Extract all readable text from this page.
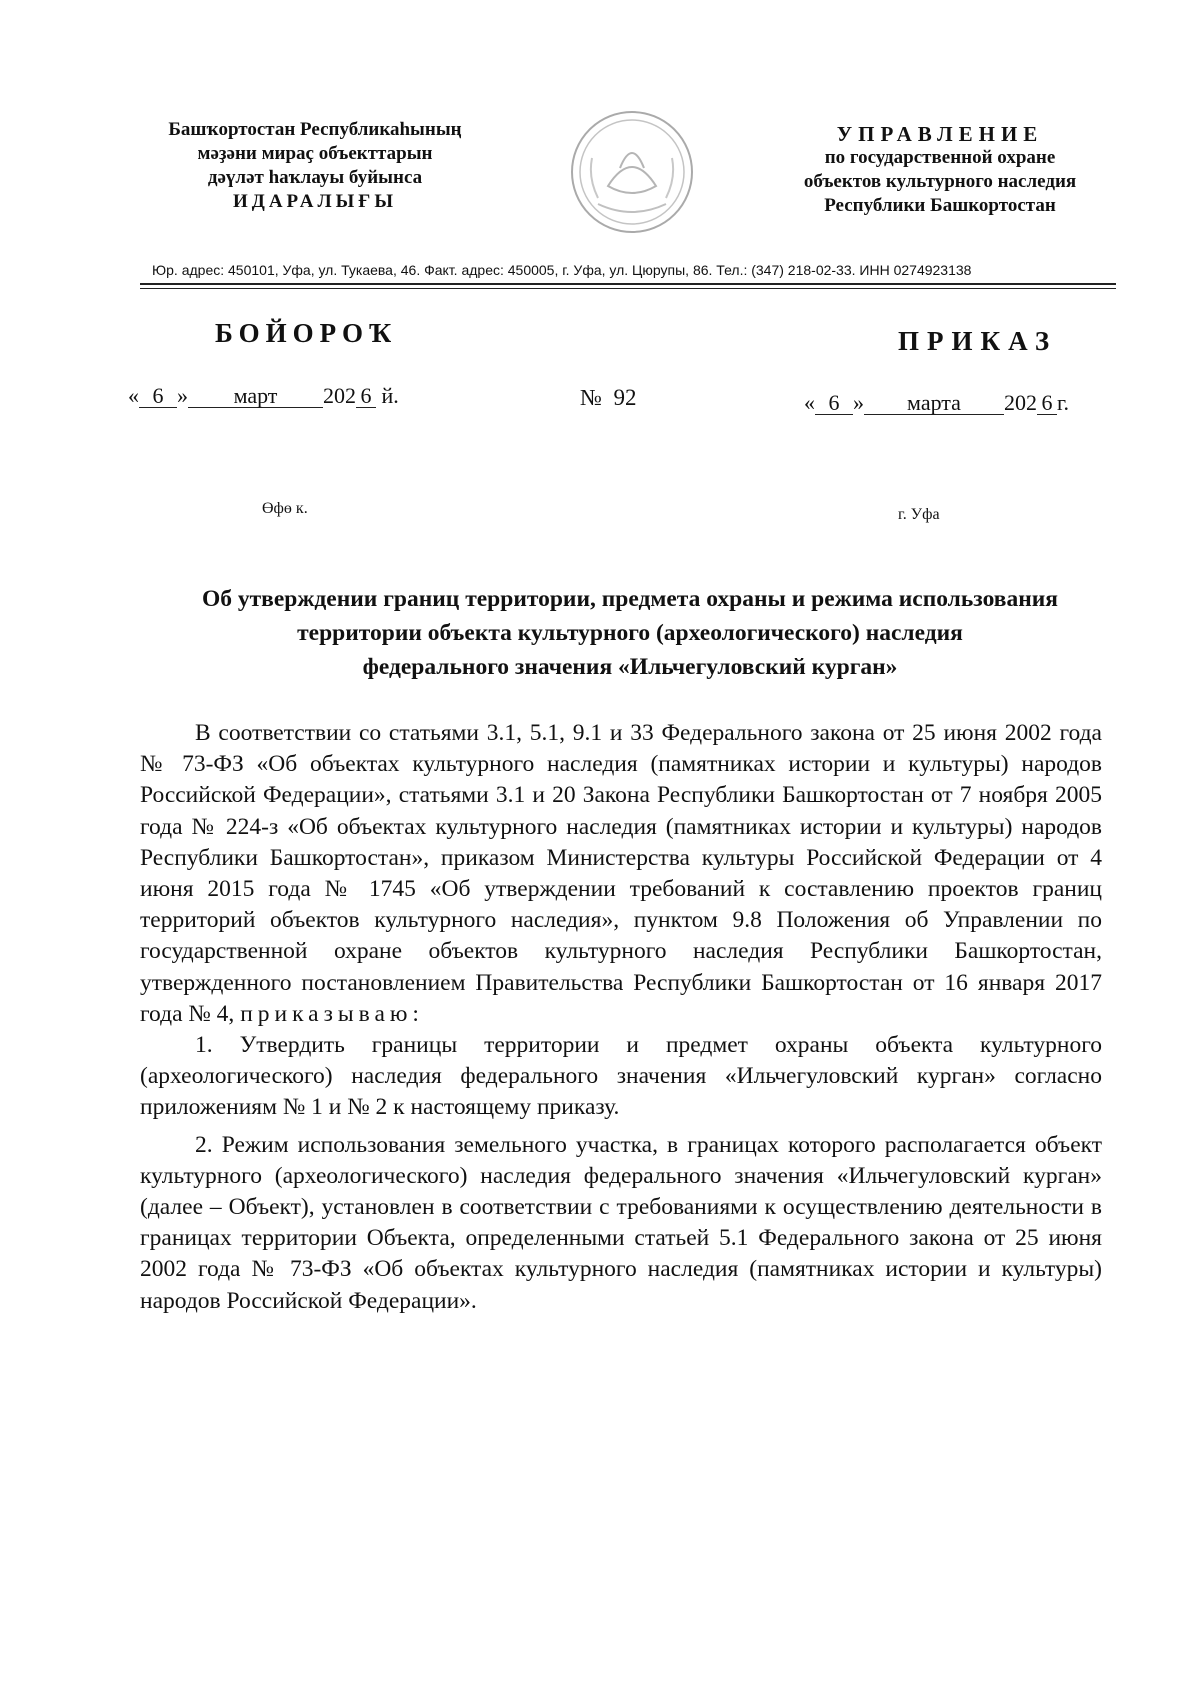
Башҡортостан Республикаһының
мәҙәни мираҫ объекттарын
дәүләт һаҡлауы буйынса
ИДАРАЛЫҒЫ
УПРАВЛЕНИЕ
по государственной охране
объектов культурного наследия
Республики Башкортостан
Юр. адрес: 450101, Уфа, ул. Тукаева, 46. Факт. адрес: 450005, г. Уфа, ул. Цюрупы, 86. Тел.: (347) 218-02-33. ИНН 0274923138
БОЙОРОҠ	ПРИКАЗ
« 6 » март 202 6 й.	№ 92	« 6 » марта 202 6 г.
Өфө к.	г. Уфа
Об утверждении границ территории, предмета охраны и режима использования
территории объекта культурного (археологического) наследия
федерального значения «Ильчегуловский курган»

В соответствии со статьями 3.1, 5.1, 9.1 и 33 Федерального закона от 25 июня 2002 года № 73-ФЗ «Об объектах культурного наследия (памятниках истории и культуры) народов Российской Федерации», статьями 3.1 и 20 Закона Республики Башкортостан от 7 ноября 2005 года № 224-з «Об объектах культурного наследия (памятниках истории и культуры) народов Республики Башкортостан», приказом Министерства культуры Российской Федерации от 4 июня 2015 года № 1745 «Об утверждении требований к составлению проектов границ территорий объектов культурного наследия», пунктом 9.8 Положения об Управлении по государственной охране объектов культурного наследия Республики Башкортостан, утвержденного постановлением Правительства Республики Башкортостан от 16 января 2017 года № 4, приказываю:

1. Утвердить границы территории и предмет охраны объекта культурного (археологического) наследия федерального значения «Ильчегуловский курган» согласно приложениям № 1 и № 2 к настоящему приказу.

2. Режим использования земельного участка, в границах которого располагается объект культурного (археологического) наследия федерального значения «Ильчегуловский курган» (далее – Объект), установлен в соответствии с требованиями к осуществлению деятельности в границах территории Объекта, определенными статьей 5.1 Федерального закона от 25 июня 2002 года № 73-ФЗ «Об объектах культурного наследия (памятниках истории и культуры) народов Российской Федерации».
